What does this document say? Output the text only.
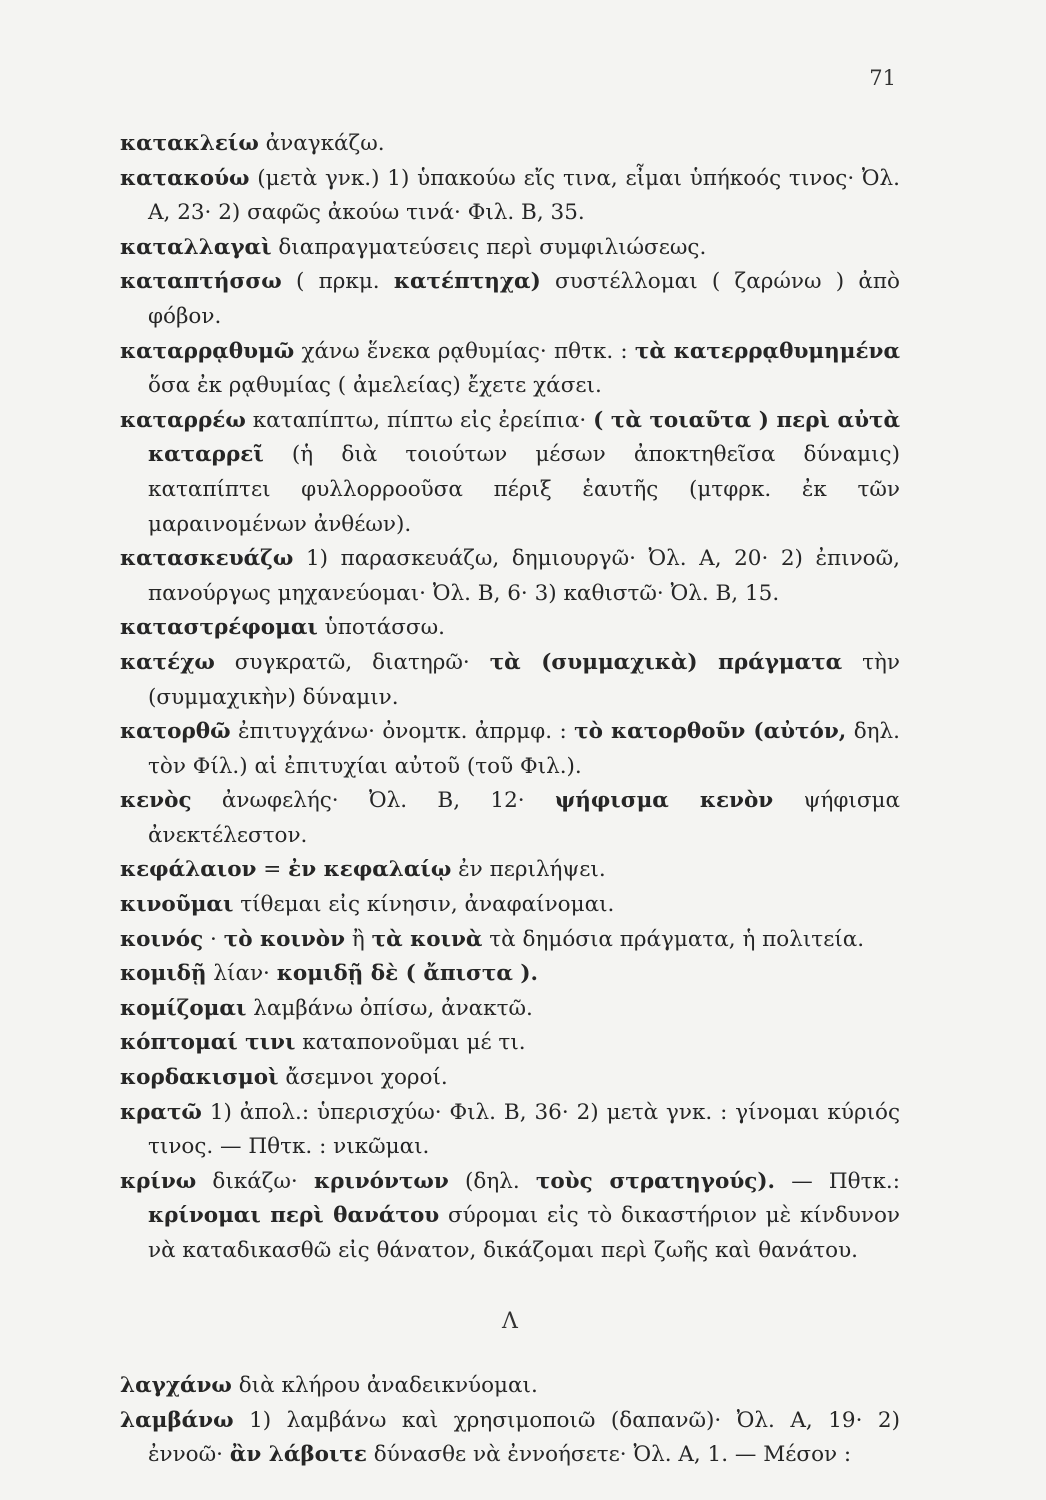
71

κατακλείω ἀναγκάζω.

κατακούω (μετὰ γνκ.) 1) ὑπακούω εἴς τινα, εἶμαι ὑπήκοός τινος· Ὀλ. Α, 23· 2) σαφῶς ἀκούω τινά· Φιλ. Β, 35.

καταλλαγαὶ διαπραγματεύσεις περὶ συμφιλιώσεως.

καταπτήσσω ( πρκμ. κατέπτηχα) συστέλλομαι ( ζαρώνω ) ἀπὸ φόβον.

καταρρᾳθυμῶ χάνω ἕνεκα ρᾳθυμίας· πθτκ. : τὰ κατερρᾳθυμημένα ὅσα ἐκ ρᾳθυμίας ( ἀμελείας) ἔχετε χάσει.

καταρρέω καταπίπτω, πίπτω εἰς ἐρείπια· ( τὰ τοιαῦτα ) περὶ αὐτὰ καταρρεῖ (ἡ διὰ τοιούτων μέσων ἀποκτηθεῖσα δύναμις) καταπίπτει φυλλορροοῦσα πέριξ ἑαυτῆς (μτφρκ. ἐκ τῶν μαραινομένων ἀνθέων).

κατασκευάζω 1) παρασκευάζω, δημιουργῶ· Ὀλ. Α, 20· 2) ἐπινοῶ, πανούργως μηχανεύομαι· Ὀλ. Β, 6· 3) καθιστῶ· Ὀλ. Β, 15.

καταστρέφομαι ὑποτάσσω.

κατέχω συγκρατῶ, διατηρῶ· τὰ (συμμαχικὰ) πράγματα τὴν (συμμαχικὴν) δύναμιν.

κατορθῶ ἐπιτυγχάνω· ὀνομτκ. ἀπρμφ. : τὸ κατορθοῦν (αὐτόν, δηλ. τὸν Φίλ.) αἱ ἐπιτυχίαι αὐτοῦ (τοῦ Φιλ.).

κενὸς ἀνωφελής· Ὀλ. Β, 12· ψήφισμα κενὸν ψήφισμα ἀνεκτέλεστον.

κεφάλαιον = ἐν κεφαλαίῳ ἐν περιλήψει.

κινοῦμαι τίθεμαι εἰς κίνησιν, ἀναφαίνομαι.

κοινός · τὸ κοινὸν ἢ τὰ κοινὰ τὰ δημόσια πράγματα, ἡ πολιτεία.

κομιδῇ λίαν· κομιδῇ δὲ ( ἄπιστα ).

κομίζομαι λαμβάνω ὀπίσω, ἀνακτῶ.

κόπτομαί τινι καταπονοῦμαι μέ τι.

κορδακισμοὶ ἄσεμνοι χοροί.

κρατῶ 1) ἀπολ.: ὑπερισχύω· Φιλ. Β, 36· 2) μετὰ γνκ. : γίνομαι κύριός τινος. — Πθτκ. : νικῶμαι.

κρίνω δικάζω· κρινόντων (δηλ. τοὺς στρατηγούς). — Πθτκ.: κρίνομαι περὶ θανάτου σύρομαι εἰς τὸ δικαστήριον μὲ κίνδυνον νὰ καταδικασθῶ εἰς θάνατον, δικάζομαι περὶ ζωῆς καὶ θανάτου.

Λ

λαγχάνω διὰ κλήρου ἀναδεικνύομαι.

λαμβάνω 1) λαμβάνω καὶ χρησιμοποιῶ (δαπανῶ)· Ὀλ. Α, 19· 2) ἐννοῶ· ἂν λάβοιτε δύνασθε νὰ ἐννοήσετε· Ὀλ. Α, 1. — Μέσον :
